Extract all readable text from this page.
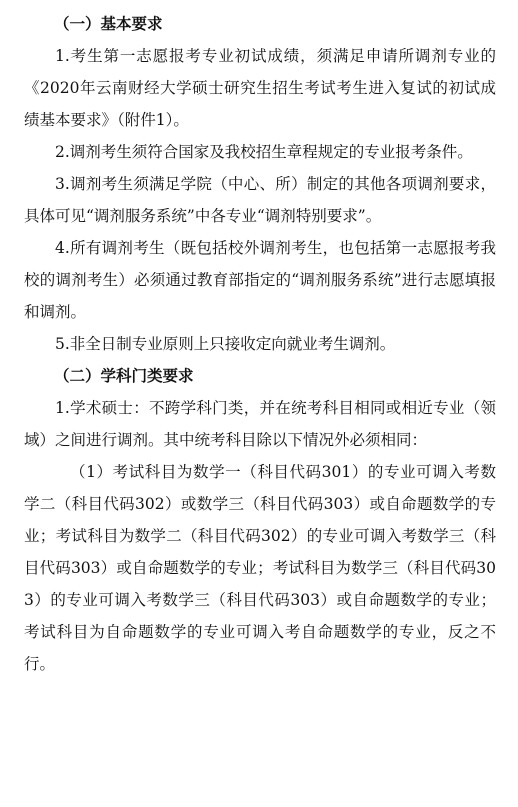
（一）基本要求

1.考生第一志愿报考专业初试成绩，须满足申请所调剂专业的《2020年云南财经大学硕士研究生招生考试考生进入复试的初试成绩基本要求》（附件1）。

2.调剂考生须符合国家及我校招生章程规定的专业报考条件。

3.调剂考生须满足学院（中心、所）制定的其他各项调剂要求，具体可见“调剂服务系统”中各专业“调剂特别要求”。

4.所有调剂考生（既包括校外调剂考生，也包括第一志愿报考我校的调剂考生）必须通过教育部指定的“调剂服务系统”进行志愿填报和调剂。

5.非全日制专业原则上只接收定向就业考生调剂。

（二）学科门类要求

1.学术硕士：不跨学科门类，并在统考科目相同或相近专业（领域）之间进行调剂。其中统考科目除以下情况外必须相同：

（1）考试科目为数学一（科目代码301）的专业可调入考数学二（科目代码302）或数学三（科目代码303）或自命题数学的专业；考试科目为数学二（科目代码302）的专业可调入考数学三（科目代码303）或自命题数学的专业；考试科目为数学三（科目代码303）的专业可调入考数学三（科目代码303）或自命题数学的专业；考试科目为自命题数学的专业可调入考自命题数学的专业，反之不行。
